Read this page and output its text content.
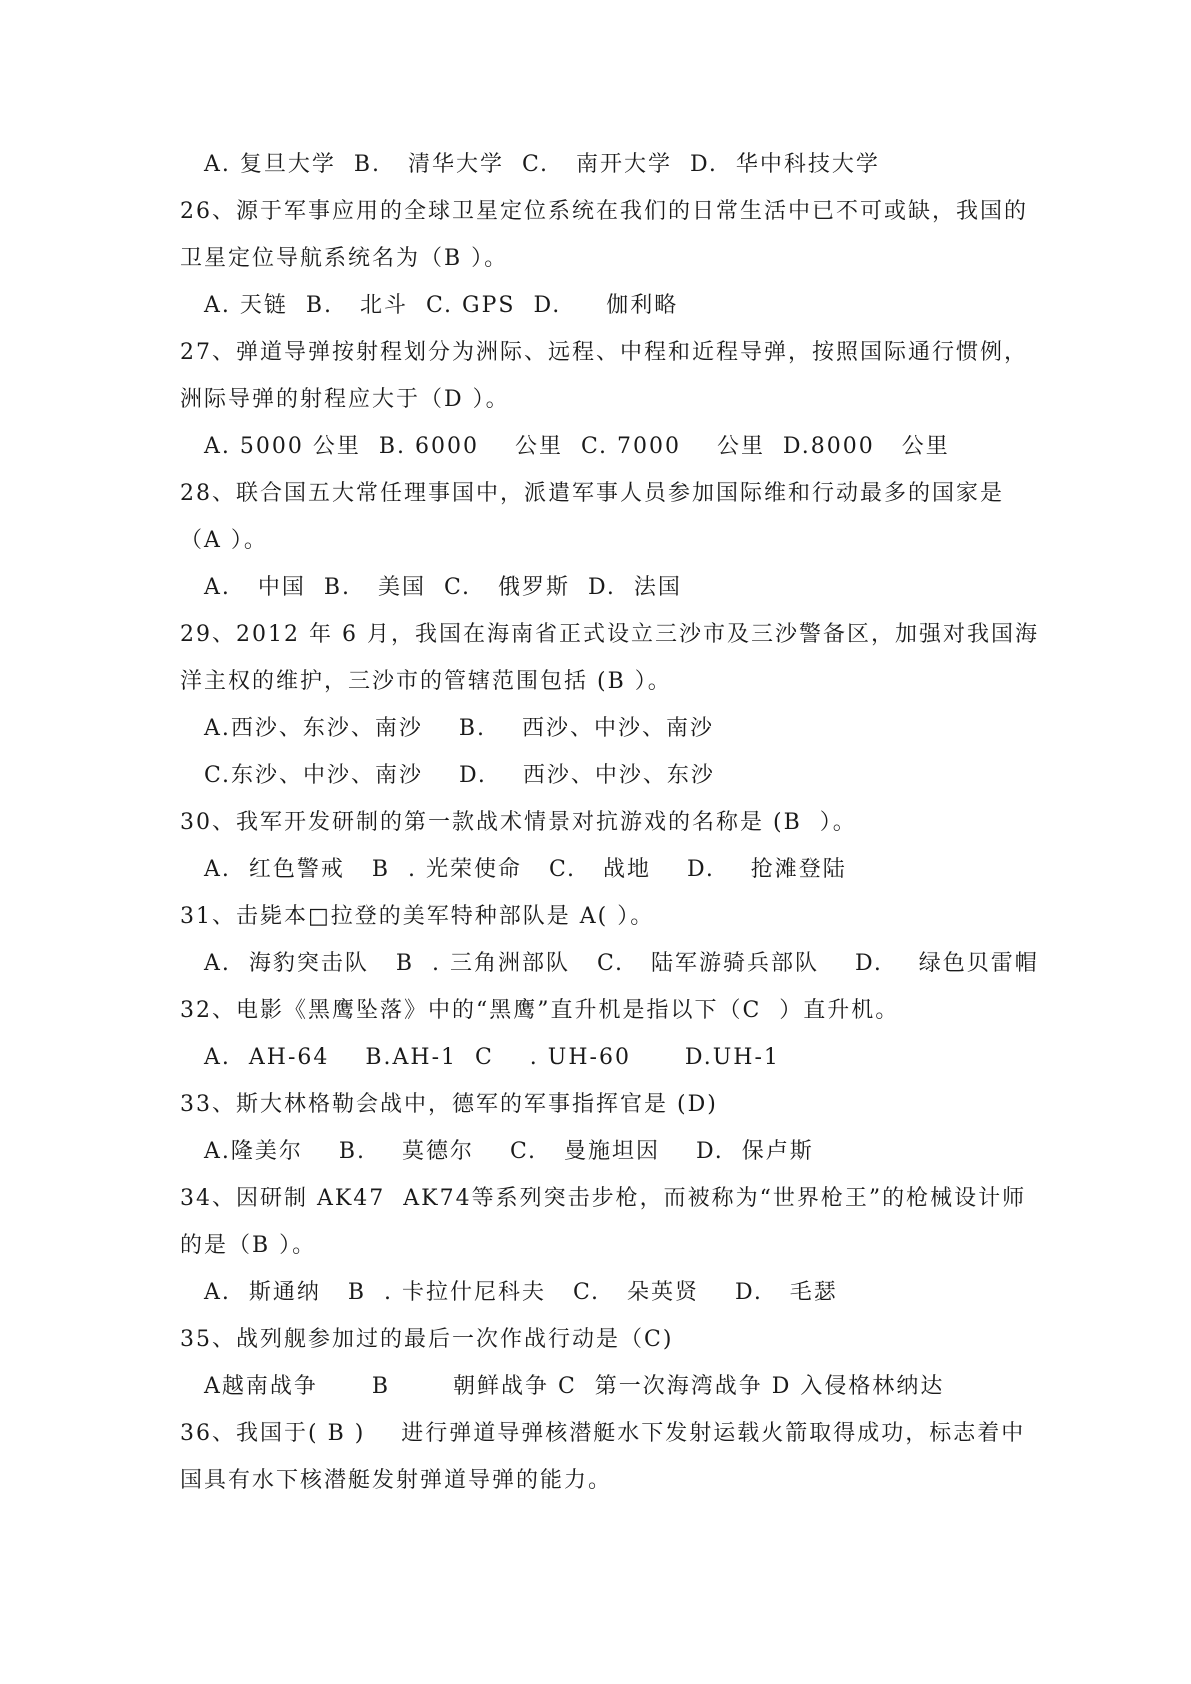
A. 复旦大学  B.   清华大学  C.   南开大学  D.  华中科技大学
26、源于军事应用的全球卫星定位系统在我们的日常生活中已不可或缺，我国的
卫星定位导航系统名为（B ）。
A. 天链  B.   北斗  C. GPS  D.     伽利略
27、弹道导弹按射程划分为洲际、远程、中程和近程导弹，按照国际通行惯例，
洲际导弹的射程应大于（D ）。
A. 5000 公里  B. 6000    公里  C. 7000    公里  D.8000   公里
28、联合国五大常任理事国中，派遣军事人员参加国际维和行动最多的国家是
（A ）。
A.   中国  B.   美国  C.   俄罗斯  D.  法国
29、2012 年 6 月，我国在海南省正式设立三沙市及三沙警备区，加强对我国海
洋主权的维护，三沙市的管辖范围包括 (B ）。
A.西沙、东沙、南沙    B.    西沙、中沙、南沙
C.东沙、中沙、南沙    D.    西沙、中沙、东沙
30、我军开发研制的第一款战术情景对抗游戏的名称是 (B  ）。
A.  红色警戒   B  . 光荣使命   C.   战地    D.    抢滩登陆
31、击毙本□拉登的美军特种部队是 A( ）。
A.  海豹突击队   B  . 三角洲部队   C.   陆军游骑兵部队    D.    绿色贝雷帽
32、电影《黑鹰坠落》中的“黑鹰”直升机是指以下（C  ）直升机。
A.  AH-64    B.AH-1  C    . UH-60      D.UH-1
33、斯大林格勒会战中，德军的军事指挥官是 (D)
A.隆美尔    B.    莫德尔    C.   曼施坦因    D.  保卢斯
34、因研制 AK47  AK74等系列突击步枪，而被称为“世界枪王”的枪械设计师
的是（B ）。
A.  斯通纳   B  . 卡拉什尼科夫   C.   朵英贤    D.   毛瑟
35、战列舰参加过的最后一次作战行动是（C)
A越南战争      B       朝鲜战争 C  第一次海湾战争 D 入侵格林纳达
36、我国于( B )    进行弹道导弹核潜艇水下发射运载火箭取得成功，标志着中
国具有水下核潜艇发射弹道导弹的能力。
